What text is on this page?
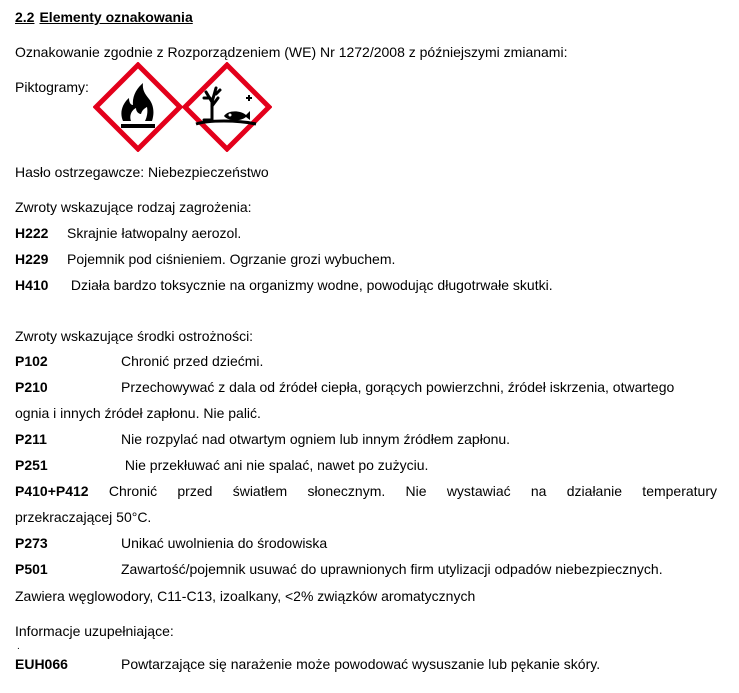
2.2 Elementy oznakowania
Oznakowanie zgodnie z Rozporządzeniem (WE) Nr 1272/2008 z późniejszymi zmianami:
Piktogramy:
Hasło ostrzegawcze: Niebezpieczeństwo
Zwroty wskazujące rodzaj zagrożenia:
H222 Skrajnie łatwopalny aerozol.
H229 Pojemnik pod ciśnieniem. Ogrzanie grozi wybuchem.
H410 Działa bardzo toksycznie na organizmy wodne, powodując długotrwałe skutki.
Zwroty wskazujące środki ostrożności:
P102	Chronić przed dziećmi.
P210	Przechowywać z dala od źródeł ciepła, gorących powierzchni, źródeł iskrzenia, otwartego
ognia i innych źródeł zapłonu. Nie palić.
P211	Nie rozpylać nad otwartym ogniem lub innym źródłem zapłonu.
P251	Nie przekłuwać ani nie spalać, nawet po zużyciu.
P410+P412 Chronić przed światłem słonecznym. Nie wystawiać na działanie temperatury
przekraczającej 50°C.
P273	Unikać uwolnienia do środowiska
P501	Zawartość/pojemnik usuwać do uprawnionych firm utylizacji odpadów niebezpiecznych.
Zawiera węglowodory, C11-C13, izoalkany, <2% związków aromatycznych
Informacje uzupełniające:
.
EUH066	Powtarzające się narażenie może powodować wysuszanie lub pękanie skóry.
